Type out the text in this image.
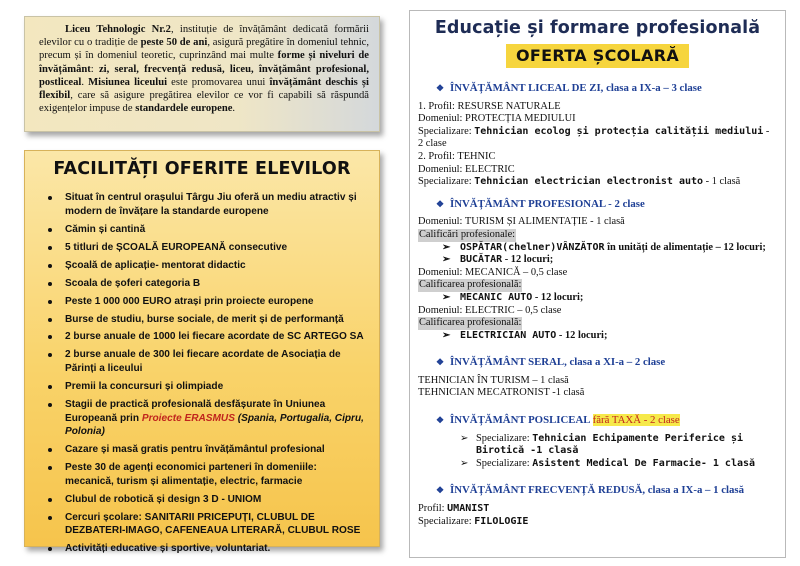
Liceu Tehnologic Nr.2, instituție de învățământ dedicată formării elevilor cu o tradiție de peste 50 de ani, asigură pregătire în domeniul tehnic, precum și în domeniul teoretic, cuprinzând mai multe forme și niveluri de învățământ: zi, seral, frecvență redusă, liceu, învățământ profesional, postliceal. Misiunea liceului este promovarea unui învățământ deschis și flexibil, care să asigure pregătirea elevilor ce vor fi capabili să răspundă exigențelor impuse de standardele europene.

FACILITĂȚI OFERITE ELEVILOR
Situat în centrul orașului Târgu Jiu oferă un mediu atractiv și modern de învățare la standarde europene
Cămin și cantină
5 titluri de ȘCOALĂ EUROPEANĂ consecutive
Școală de aplicație- mentorat didactic
Scoala de șoferi categoria B
Peste 1 000 000 EURO atrași prin proiecte europene
Burse de studiu, burse sociale, de merit și de performanță
2 burse anuale de 1000 lei fiecare acordate de SC ARTEGO SA
2 burse anuale de 300 lei fiecare acordate de Asociația de Părinți a liceului
Premii la concursuri și olimpiade
Stagii de practică profesională desfășurate în Uniunea Europeană prin Proiecte ERASMUS (Spania, Portugalia, Cipru, Polonia)
Cazare și masă gratis pentru învățământul profesional
Peste 30 de agenți economici parteneri în domeniile: mecanică, turism și alimentație, electric, farmacie
Clubul de robotică și design 3 D - UNIOM
Cercuri școlare: SANITARII PRICEPUȚI, CLUBUL DE DEZBATERI-IMAGO, CAFENEAUA LITERARĂ, CLUBUL ROSE
Activități educative și sportive, voluntariat.
Educație și formare profesională
OFERTA ȘCOLARĂ
❖ ÎNVĂȚĂMÂNT LICEAL DE ZI, clasa a IX-a – 3 clase
1. Profil: RESURSE NATURALE
Domeniul: PROTECȚIA MEDIULUI
Specializare: Tehnician ecolog și protecția calității mediului - 2 clase
2. Profil: TEHNIC
Domeniul: ELECTRIC
Specializare: Tehnician electrician electronist auto - 1 clasă
❖ ÎNVĂȚĂMÂNT PROFESIONAL - 2 clase
Domeniul: TURISM ȘI ALIMENTAȚIE - 1 clasă
Calificări profesionale:
➢ OSPĂTAR(chelner)VÂNZĂTOR în unități de alimentație – 12 locuri;
➢ BUCĂTAR - 12 locuri;
Domeniul: MECANICĂ – 0,5 clase
Calificarea profesională:
➢ MECANIC AUTO - 12 locuri;
Domeniul: ELECTRIC – 0,5 clase
Calificarea profesională:
➢ ELECTRICIAN AUTO - 12 locuri;
❖ ÎNVĂȚĂMÂNT SERAL, clasa a XI-a – 2 clase
TEHNICIAN ÎN TURISM – 1 clasă
TEHNICIAN MECATRONIST -1 clasă
❖ ÎNVĂȚĂMÂNT POSLICEAL fără TAXĂ - 2 clase
➢ Specializare: Tehnician Echipamente Periferice și Birotică -1 clasă
➢ Specializare: Asistent Medical De Farmacie- 1 clasă
❖ ÎNVĂȚĂMÂNT FRECVENȚĂ REDUSĂ, clasa a IX-a – 1 clasă
Profil: UMANIST
Specializare: FILOLOGIE
